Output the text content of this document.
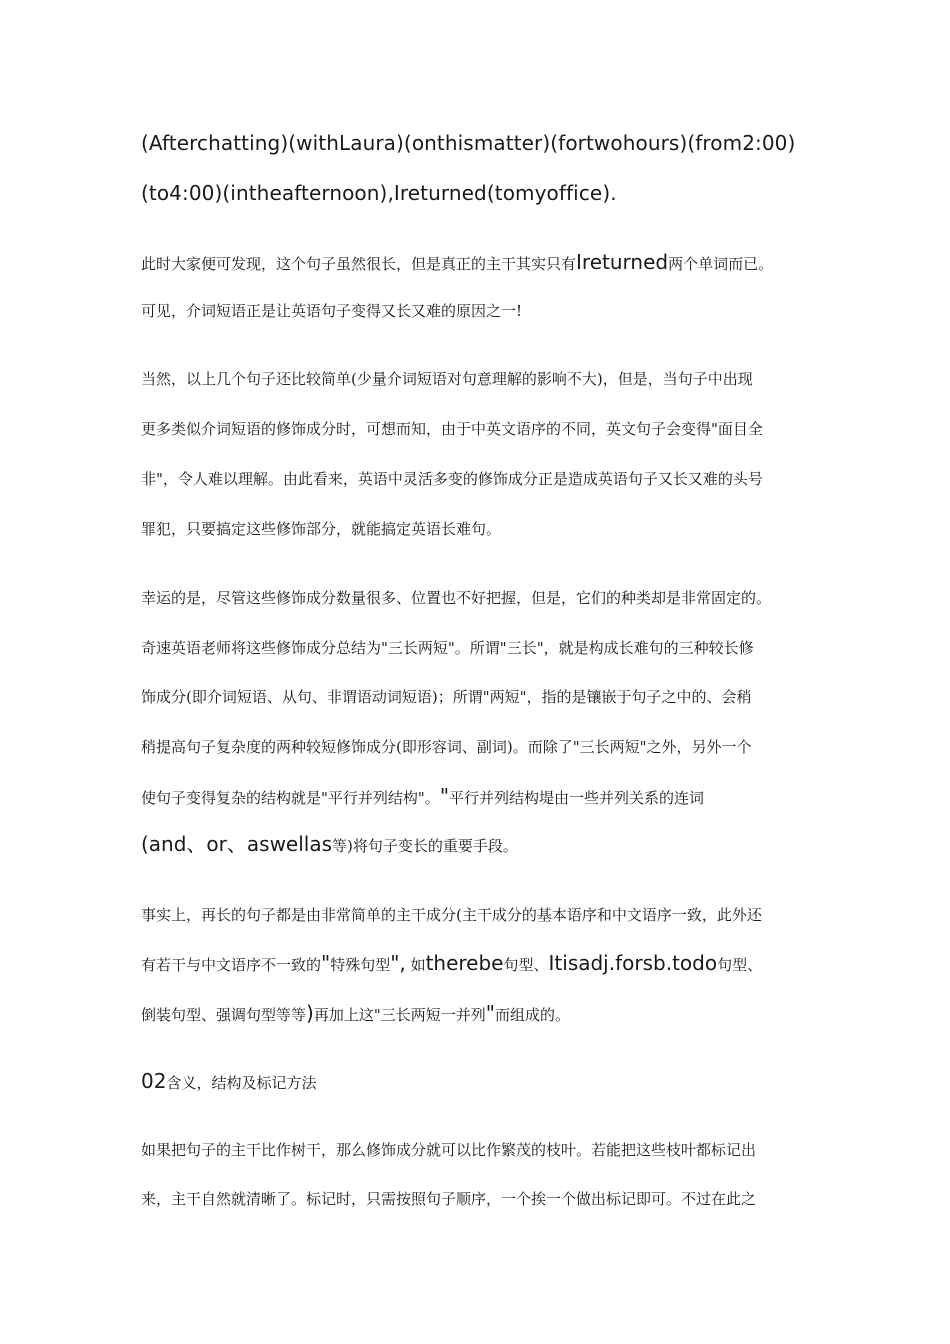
(Afterchatting)(withLaura)(onthismatter)(fortwohours)(from2:00)
(to4:00)(intheafternoon),Ireturned(tomyoffice).
此时大家便可发现，这个句子虽然很长，但是真正的主干其实只有Ireturned两个单词而已。
可见，介词短语正是让英语句子变得又长又难的原因之一!
当然，以上几个句子还比较简单(少量介词短语对句意理解的影响不大)，但是，当句子中出现
更多类似介词短语的修饰成分时，可想而知，由于中英文语序的不同，英文句子会变得"面目全
非"，令人难以理解。由此看来，英语中灵活多变的修饰成分正是造成英语句子又长又难的头号
罪犯，只要搞定这些修饰部分，就能搞定英语长难句。
幸运的是，尽管这些修饰成分数量很多、位置也不好把握，但是，它们的种类却是非常固定的。
奇速英语老师将这些修饰成分总结为"三长两短"。所谓"三长"，就是构成长难句的三种较长修
饰成分(即介词短语、从句、非谓语动词短语)；所谓"两短"，指的是镶嵌于句子之中的、会稍
稍提高句子复杂度的两种较短修饰成分(即形容词、副词)。而除了"三长两短"之外，另外一个
使句子变得复杂的结构就是"平行并列结构"。"平行并列结构堤由一些并列关系的连词
(and、or、aswellas等)将句子变长的重要手段。
事实上，再长的句子都是由非常简单的主干成分(主干成分的基本语序和中文语序一致，此外还
有若干与中文语序不一致的"特殊句型", 如therebe句型、Itisadj.forsb.todo句型、
倒装句型、强调句型等等)再加上这"三长两短一并列"而组成的。
02含义，结构及标记方法
如果把句子的主干比作树干，那么修饰成分就可以比作繁茂的枝叶。若能把这些枝叶都标记出
来，主干自然就清晰了。标记时，只需按照句子顺序，一个挨一个做出标记即可。不过在此之
